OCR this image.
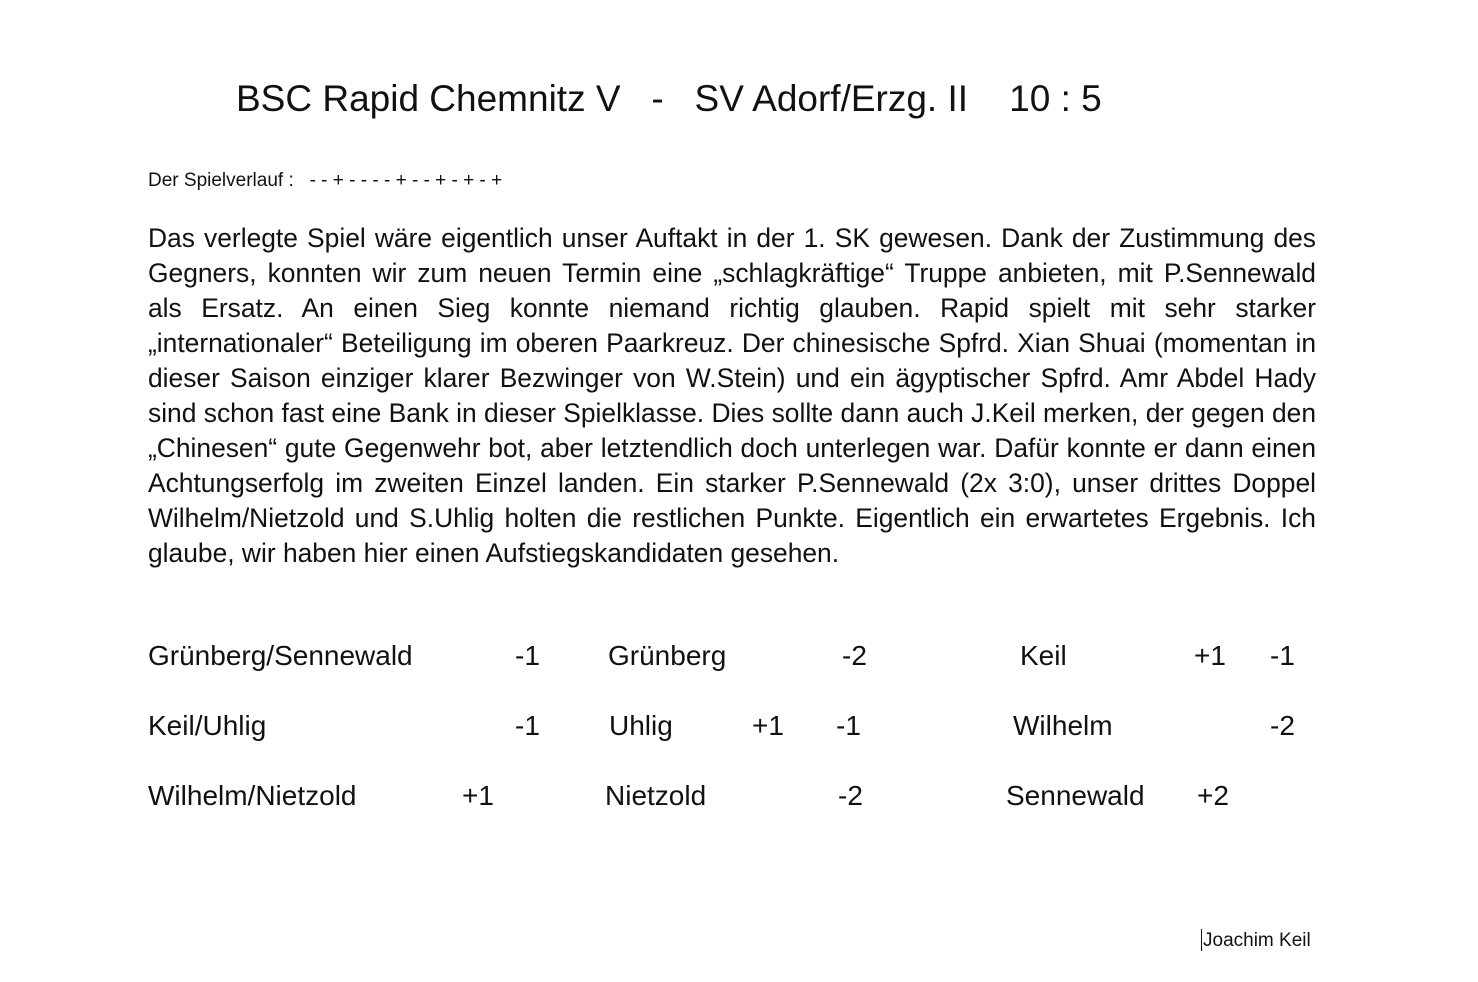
BSC Rapid Chemnitz V   -   SV Adorf/Erzg. II    10 : 5
Der Spielverlauf : - - + - - - - + - - + - + - +
Das verlegte Spiel wäre eigentlich unser Auftakt in der 1. SK gewesen. Dank der Zustimmung des Gegners, konnten wir zum neuen Termin eine „schlagkräftige“ Truppe anbieten, mit P.Sennewald als Ersatz. An einen Sieg konnte niemand richtig glauben. Rapid spielt mit sehr starker „internationaler“ Beteiligung im oberen Paarkreuz. Der chinesische Spfrd. Xian Shuai (momentan in dieser Saison einziger klarer Bezwinger von W.Stein) und ein ägyptischer Spfrd. Amr Abdel Hady sind schon fast eine Bank in dieser Spielklasse. Dies sollte dann auch J.Keil merken, der gegen den „Chinesen“ gute Gegenwehr bot, aber letztendlich doch unterlegen war. Dafür konnte er dann einen Achtungserfolg im zweiten Einzel landen. Ein starker P.Sennewald (2x 3:0), unser drittes Doppel Wilhelm/Nietzold und S.Uhlig holten die restlichen Punkte. Eigentlich ein erwartetes Ergebnis. Ich glaube, wir haben hier einen Aufstiegskandidaten gesehen.
Grünberg/Sennewald	-1 Grünberg	-2	Keil	+1 -1
Keil/Uhlig	-1 Uhlig	+1 -1	Wilhelm	-2
Wilhelm/Nietzold	+1	Nietzold	-2	Sennewald +2
Joachim Keil
